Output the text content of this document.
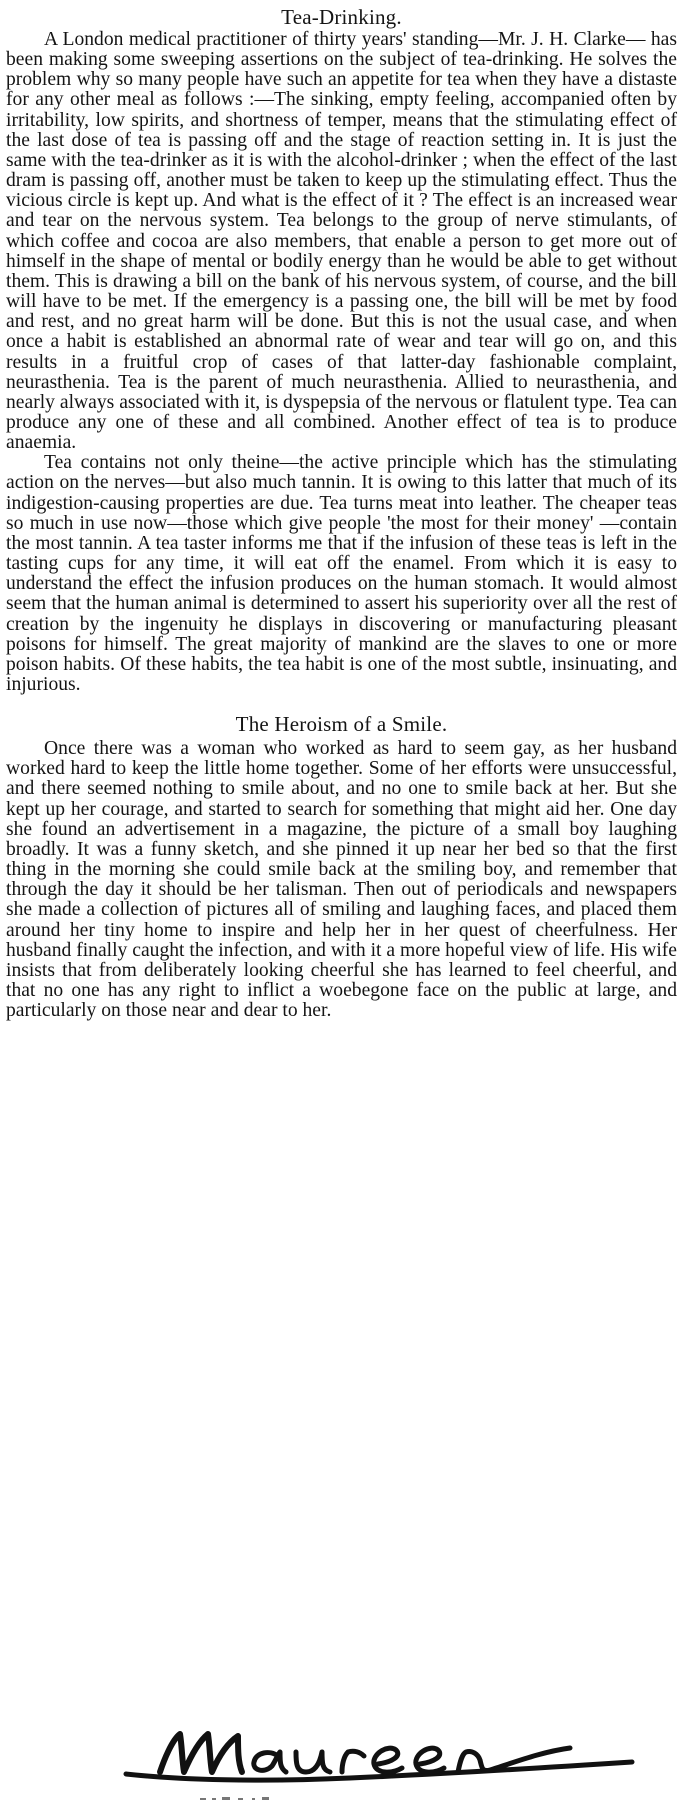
Tea-Drinking.

A London medical practitioner of thirty years' standing—Mr. J. H. Clarke— has been making some sweeping assertions on the subject of tea-drinking. He solves the problem why so many people have such an appetite for tea when they have a distaste for any other meal as follows :—The sinking, empty feeling, accompanied often by irritability, low spirits, and shortness of temper, means that the stimulating effect of the last dose of tea is passing off and the stage of reaction setting in. It is just the same with the tea-drinker as it is with the alcohol-drinker ; when the effect of the last dram is passing off, another must be taken to keep up the stimulating effect. Thus the vicious circle is kept up. And what is the effect of it ? The effect is an increased wear and tear on the nervous system. Tea belongs to the group of nerve stimulants, of which coffee and cocoa are also members, that enable a person to get more out of himself in the shape of mental or bodily energy than he would be able to get without them. This is drawing a bill on the bank of his nervous system, of course, and the bill will have to be met. If the emergency is a passing one, the bill will be met by food and rest, and no great harm will be done. But this is not the usual case, and when once a habit is established an abnormal rate of wear and tear will go on, and this results in a fruitful crop of cases of that latter-day fashionable complaint, neurasthenia. Tea is the parent of much neurasthenia. Allied to neurasthenia, and nearly always associated with it, is dyspepsia of the nervous or flatulent type. Tea can produce any one of these and all combined. Another effect of tea is to produce anaemia.

Tea contains not only theine—the active principle which has the stimulating action on the nerves—but also much tannin. It is owing to this latter that much of its indigestion-causing properties are due. Tea turns meat into leather. The cheaper teas so much in use now—those which give people 'the most for their money' —contain the most tannin. A tea taster informs me that if the infusion of these teas is left in the tasting cups for any time, it will eat off the enamel. From which it is easy to understand the effect the infusion produces on the human stomach. It would almost seem that the human animal is determined to assert his superiority over all the rest of creation by the ingenuity he displays in discovering or manufacturing pleasant poisons for himself. The great majority of mankind are the slaves to one or more poison habits. Of these habits, the tea habit is one of the most subtle, insinuating, and injurious.

The Heroism of a Smile.

Once there was a woman who worked as hard to seem gay, as her husband worked hard to keep the little home together. Some of her efforts were unsuccessful, and there seemed nothing to smile about, and no one to smile back at her. But she kept up her courage, and started to search for something that might aid her. One day she found an advertisement in a magazine, the picture of a small boy laughing broadly. It was a funny sketch, and she pinned it up near her bed so that the first thing in the morning she could smile back at the smiling boy, and remember that through the day it should be her talisman. Then out of periodicals and newspapers she made a collection of pictures all of smiling and laughing faces, and placed them around her tiny home to inspire and help her in her quest of cheerfulness. Her husband finally caught the infection, and with it a more hopeful view of life. His wife insists that from deliberately looking cheerful she has learned to feel cheerful, and that no one has any right to inflict a woebegone face on the public at large, and particularly on those near and dear to her.
